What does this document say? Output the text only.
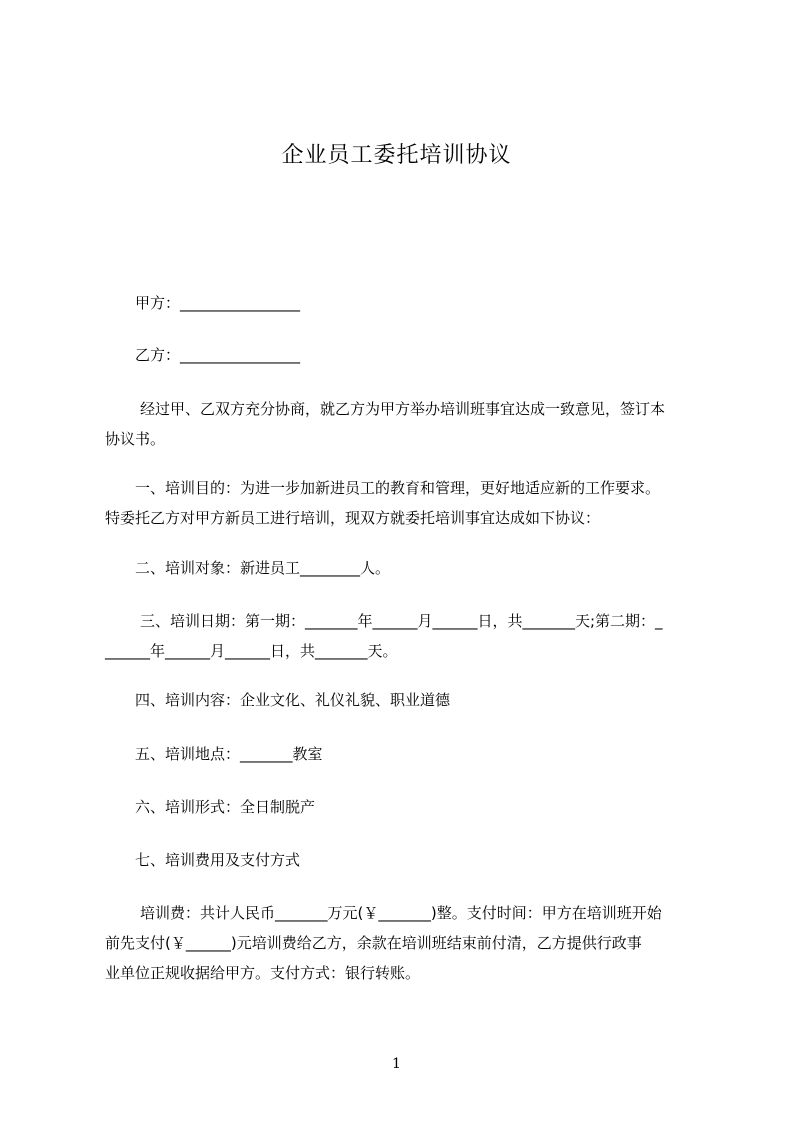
企业员工委托培训协议
甲方：________________
乙方：________________
　经过甲、乙双方充分协商，就乙方为甲方举办培训班事宜达成一致意见，签订本
协议书。
　　一、培训目的：为进一步加新进员工的教育和管理，更好地适应新的工作要求。
特委托乙方对甲方新员工进行培训，现双方就委托培训事宜达成如下协议：
二、培训对象：新进员工________人。
　三、培训日期：第一期：_______年______月______日，共_______天;第二期：_
______年______月______日，共_______天。
四、培训内容：企业文化、礼仪礼貌、职业道德
五、培训地点：_______教室
六、培训形式：全日制脱产
七、培训费用及支付方式
　培训费：共计人民币_______万元(￥_______)整。支付时间：甲方在培训班开始
前先支付(￥______)元培训费给乙方，余款在培训班结束前付清，乙方提供行政事
业单位正规收据给甲方。支付方式：银行转账。
1
